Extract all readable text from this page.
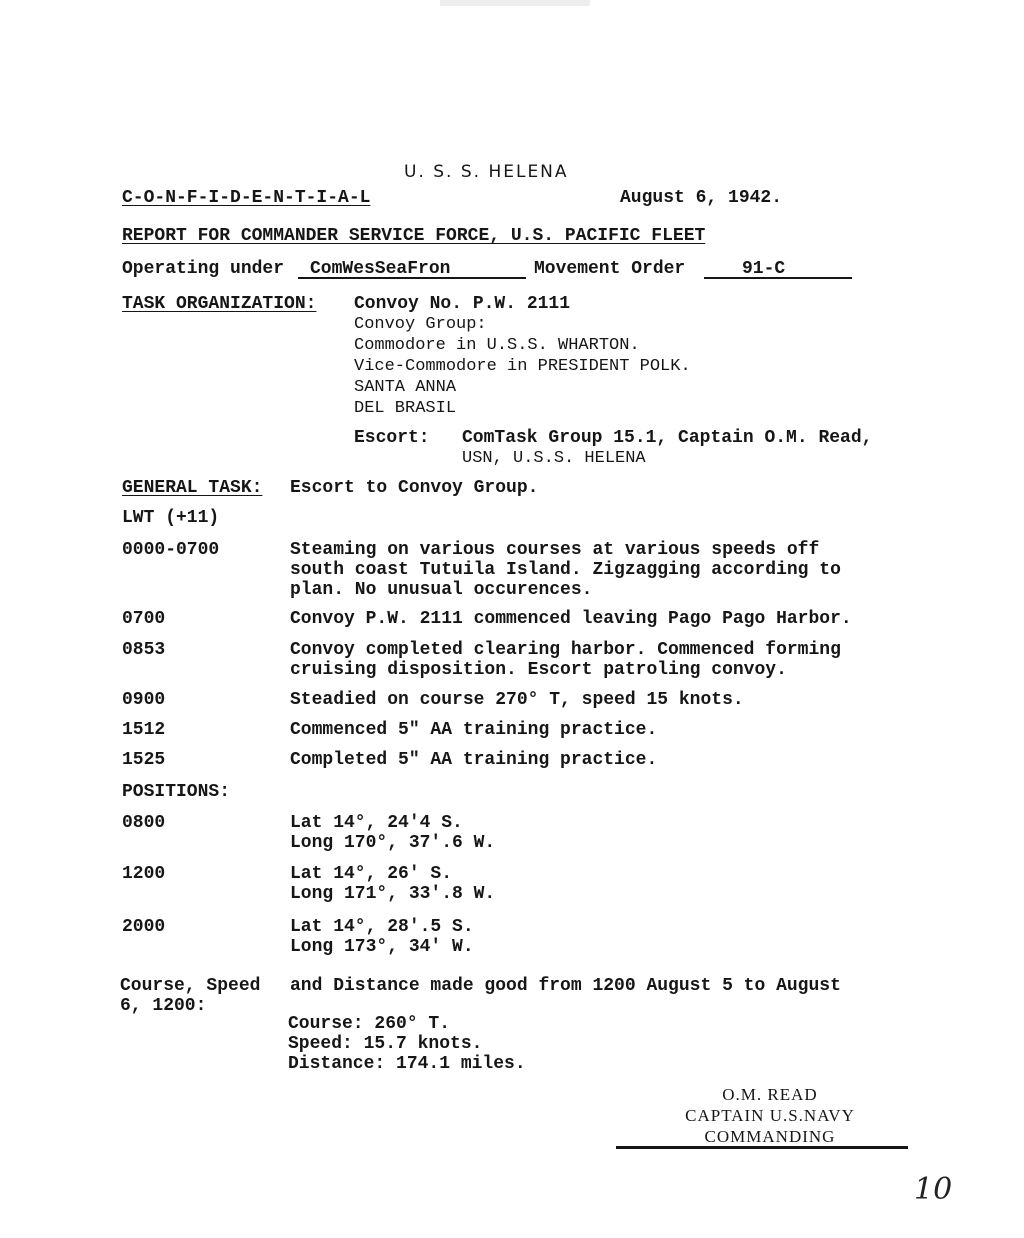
U. S. S. HELENA
C-O-N-F-I-D-E-N-T-I-A-L	August 6, 1942.
REPORT FOR COMMANDER SERVICE FORCE, U.S. PACIFIC FLEET
Operating under

ComWesSeaFron

	Movement Order

	91-C

TASK ORGANIZATION: Convoy No. P.W. 2111
Convoy Group:
Commodore in U.S.S. WHARTON.
Vice-Commodore in PRESIDENT POLK.
SANTA ANNA
DEL BRASIL
Escort: ComTask Group 15.1, Captain O.M. Read,
USN, U.S.S. HELENA
GENERAL TASK: Escort to Convoy Group.
LWT (+11)
0000-0700	Steaming on various courses at various speeds off
south coast Tutuila Island. Zigzagging according to
plan. No unusual occurences.
0700	Convoy P.W. 2111 commenced leaving Pago Pago Harbor.
0853	Convoy completed clearing harbor. Commenced forming
cruising disposition. Escort patroling convoy.
0900	Steadied on course 270° T, speed 15 knots.
1512	Commenced 5" AA training practice.
1525	Completed 5" AA training practice.
POSITIONS:
0800	Lat 14°, 24'4 S.
Long 170°, 37'.6 W.
1200	Lat 14°, 26' S.
Long 171°, 33'.8 W.
2000	Lat 14°, 28'.5 S.
Long 173°, 34' W.
Course, Speed and Distance made good from 1200 August 5 to August
6, 1200:
Course: 260° T.
Speed: 15.7 knots.
Distance: 174.1 miles.
O.M. READ
CAPTAIN U.S.NAVY
COMMANDING
10
